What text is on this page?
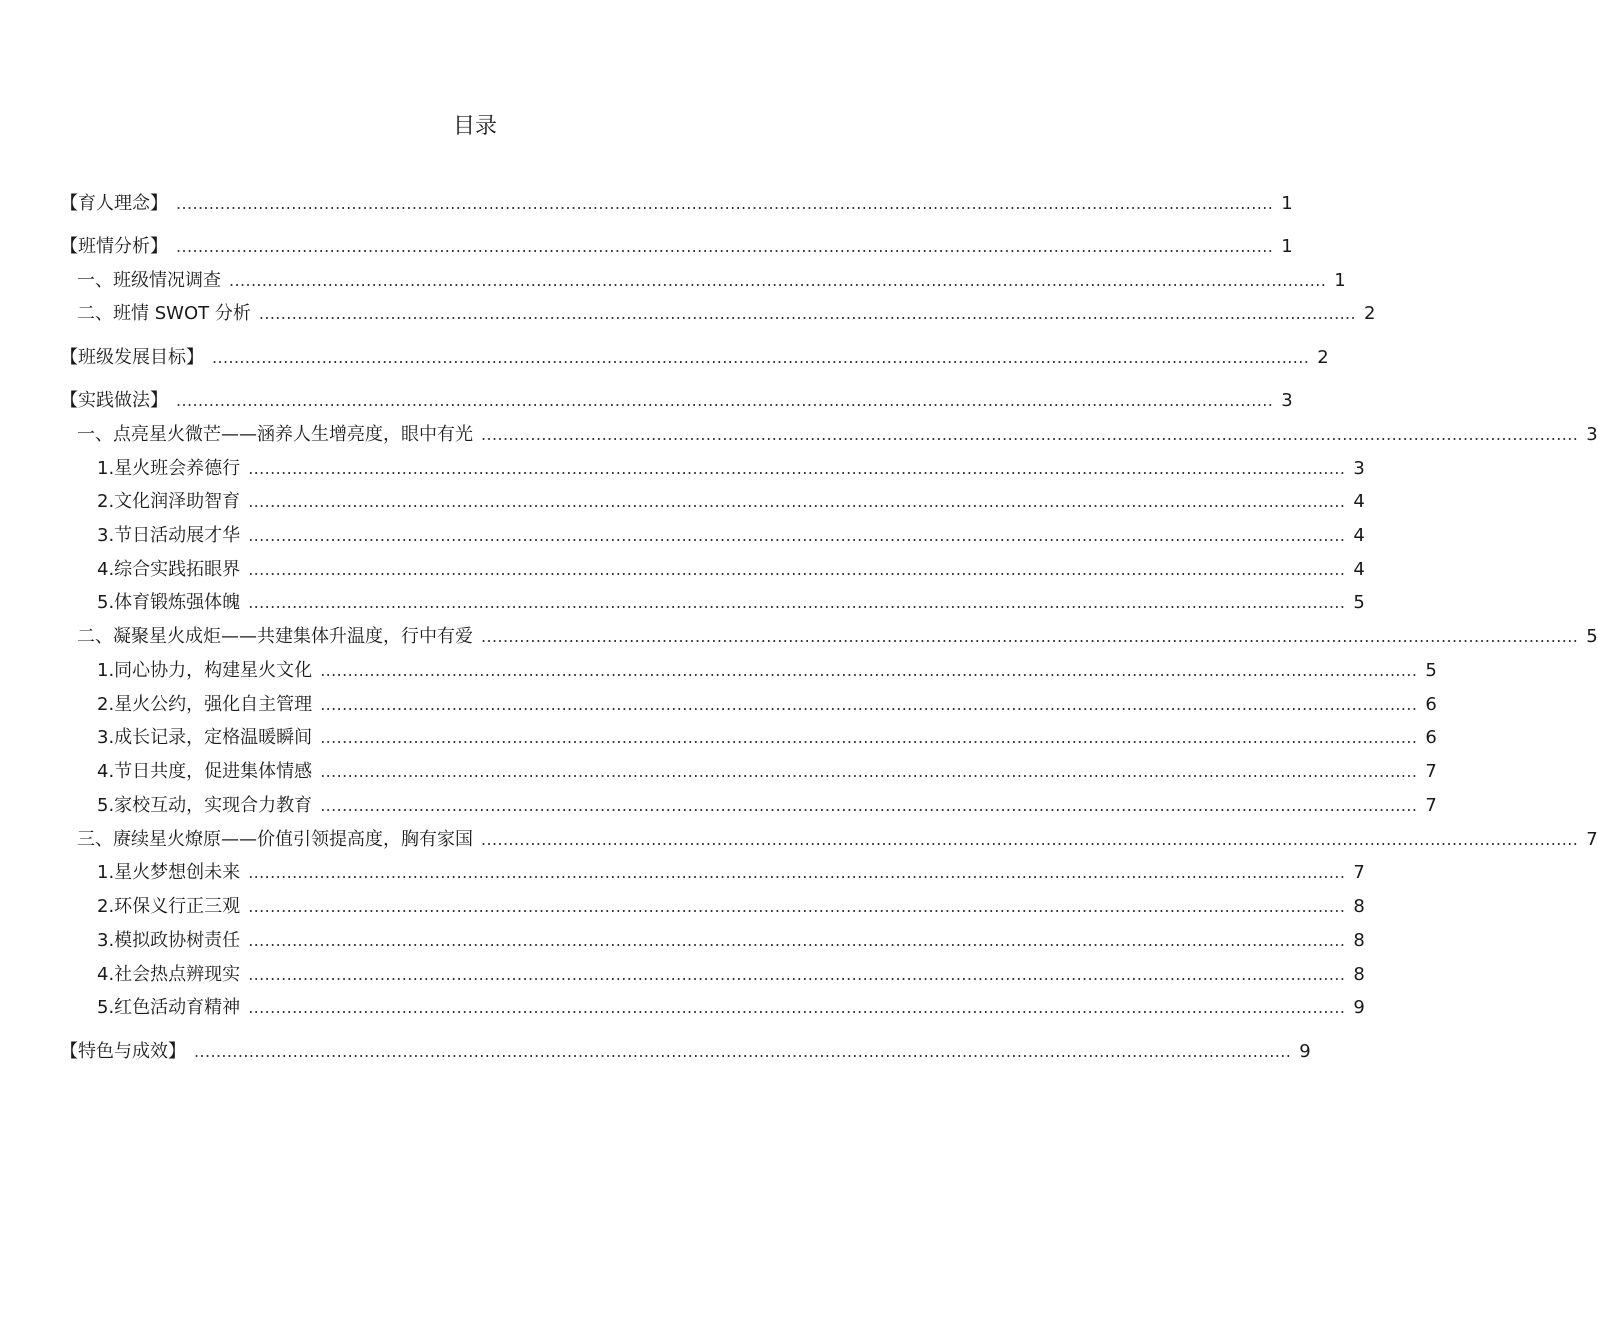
目录
【育人理念】 ........................................................................................................................................................................................................ 1
【班情分析】 ........................................................................................................................................................................................................ 1
一、班级情况调查 ........................................................................................................................................................................................................ 1
二、班情 SWOT 分析 ........................................................................................................................................................................................................ 2
【班级发展目标】 ........................................................................................................................................................................................................ 2
【实践做法】 ........................................................................................................................................................................................................ 3
一、点亮星火微芒——涵养人生增亮度，眼中有光 ........................................................................................................................................................................................................ 3
1.星火班会养德行 ........................................................................................................................................................................................................ 3
2.文化润泽助智育 ........................................................................................................................................................................................................ 4
3.节日活动展才华 ........................................................................................................................................................................................................ 4
4.综合实践拓眼界 ........................................................................................................................................................................................................ 4
5.体育锻炼强体魄 ........................................................................................................................................................................................................ 5
二、凝聚星火成炬——共建集体升温度，行中有爱 ........................................................................................................................................................................................................ 5
1.同心协力，构建星火文化 ........................................................................................................................................................................................................ 5
2.星火公约，强化自主管理 ........................................................................................................................................................................................................ 6
3.成长记录，定格温暖瞬间 ........................................................................................................................................................................................................ 6
4.节日共度，促进集体情感 ........................................................................................................................................................................................................ 7
5.家校互动，实现合力教育 ........................................................................................................................................................................................................ 7
三、赓续星火燎原——价值引领提高度，胸有家国 ........................................................................................................................................................................................................ 7
1.星火梦想创未来 ........................................................................................................................................................................................................ 7
2.环保义行正三观 ........................................................................................................................................................................................................ 8
3.模拟政协树责任 ........................................................................................................................................................................................................ 8
4.社会热点辨现实 ........................................................................................................................................................................................................ 8
5.红色活动育精神 ........................................................................................................................................................................................................ 9
【特色与成效】 ........................................................................................................................................................................................................ 9
